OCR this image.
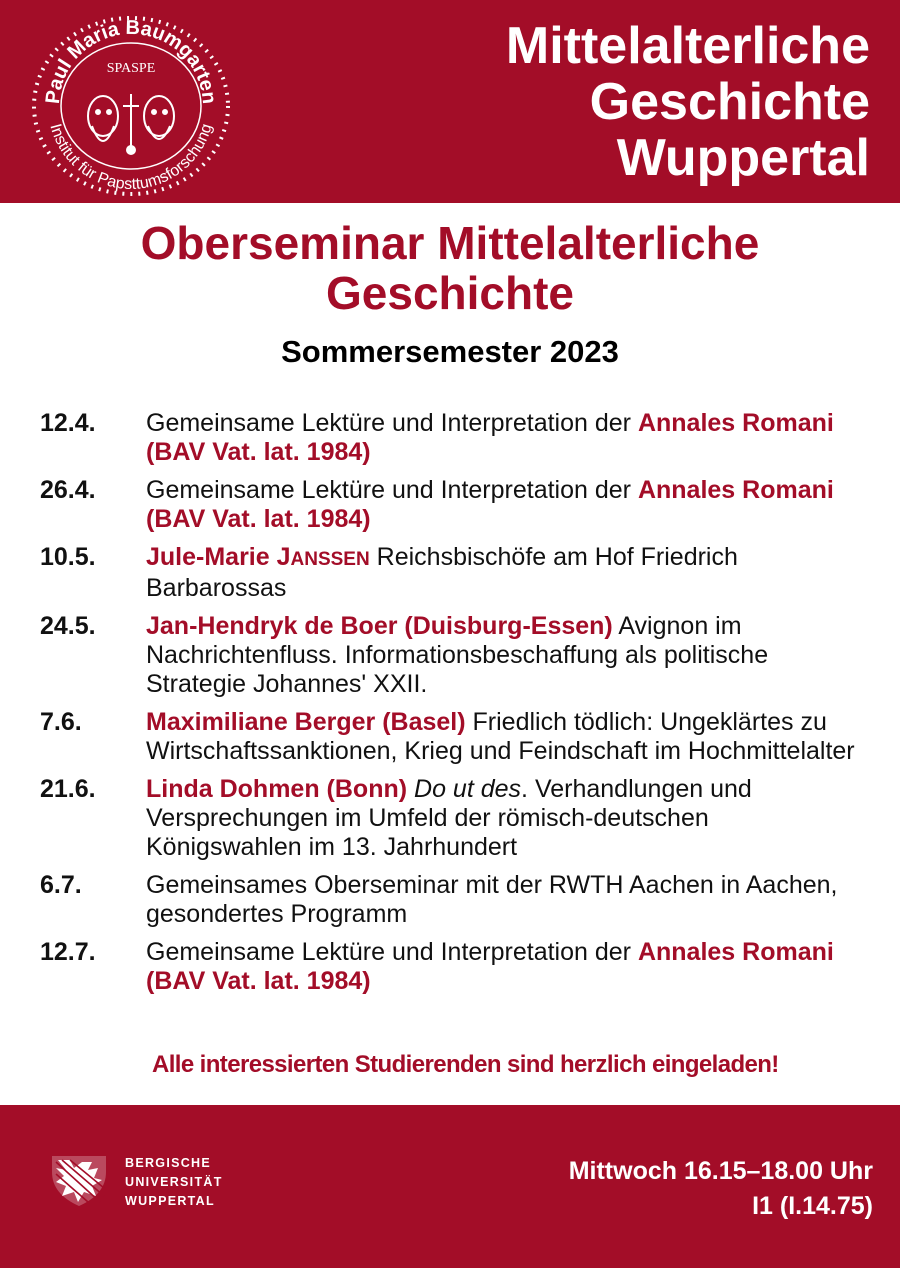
Paul Maria Baumgarten
Institut für Papsttumsforschung
SPASPE	Mittelalterliche
Geschichte
Wuppertal
Oberseminar Mittelalterliche
Geschichte
Sommersemester 2023
12.4. Gemeinsame Lektüre und Interpretation der Annales Romani (BAV Vat. lat. 1984)
26.4. Gemeinsame Lektüre und Interpretation der Annales Romani (BAV Vat. lat. 1984)
10.5. Jule-Marie JANSSEN Reichsbischöfe am Hof Friedrich Barbarossas
24.5. Jan-Hendryk de Boer (Duisburg-Essen) Avignon im Nachrichtenfluss. Informationsbeschaffung als politische Strategie Johannes' XXII.
7.6.	Maximiliane Berger (Basel) Friedlich tödlich: Ungeklärtes zu Wirtschaftssanktionen, Krieg und Feindschaft im Hochmittelalter
21.6. Linda Dohmen (Bonn) Do ut des. Verhandlungen und Versprechungen im Umfeld der römisch-deutschen Königswahlen im 13. Jahrhundert
6.7.	Gemeinsames Oberseminar mit der RWTH Aachen in Aachen, gesondertes Programm
12.7. Gemeinsame Lektüre und Interpretation der Annales Romani (BAV Vat. lat. 1984)
Alle interessierten Studierenden sind herzlich eingeladen!
BERGISCHE
UNIVERSITÄT
WUPPERTAL
Mittwoch 16.15–18.00 Uhr
I1 (I.14.75)
